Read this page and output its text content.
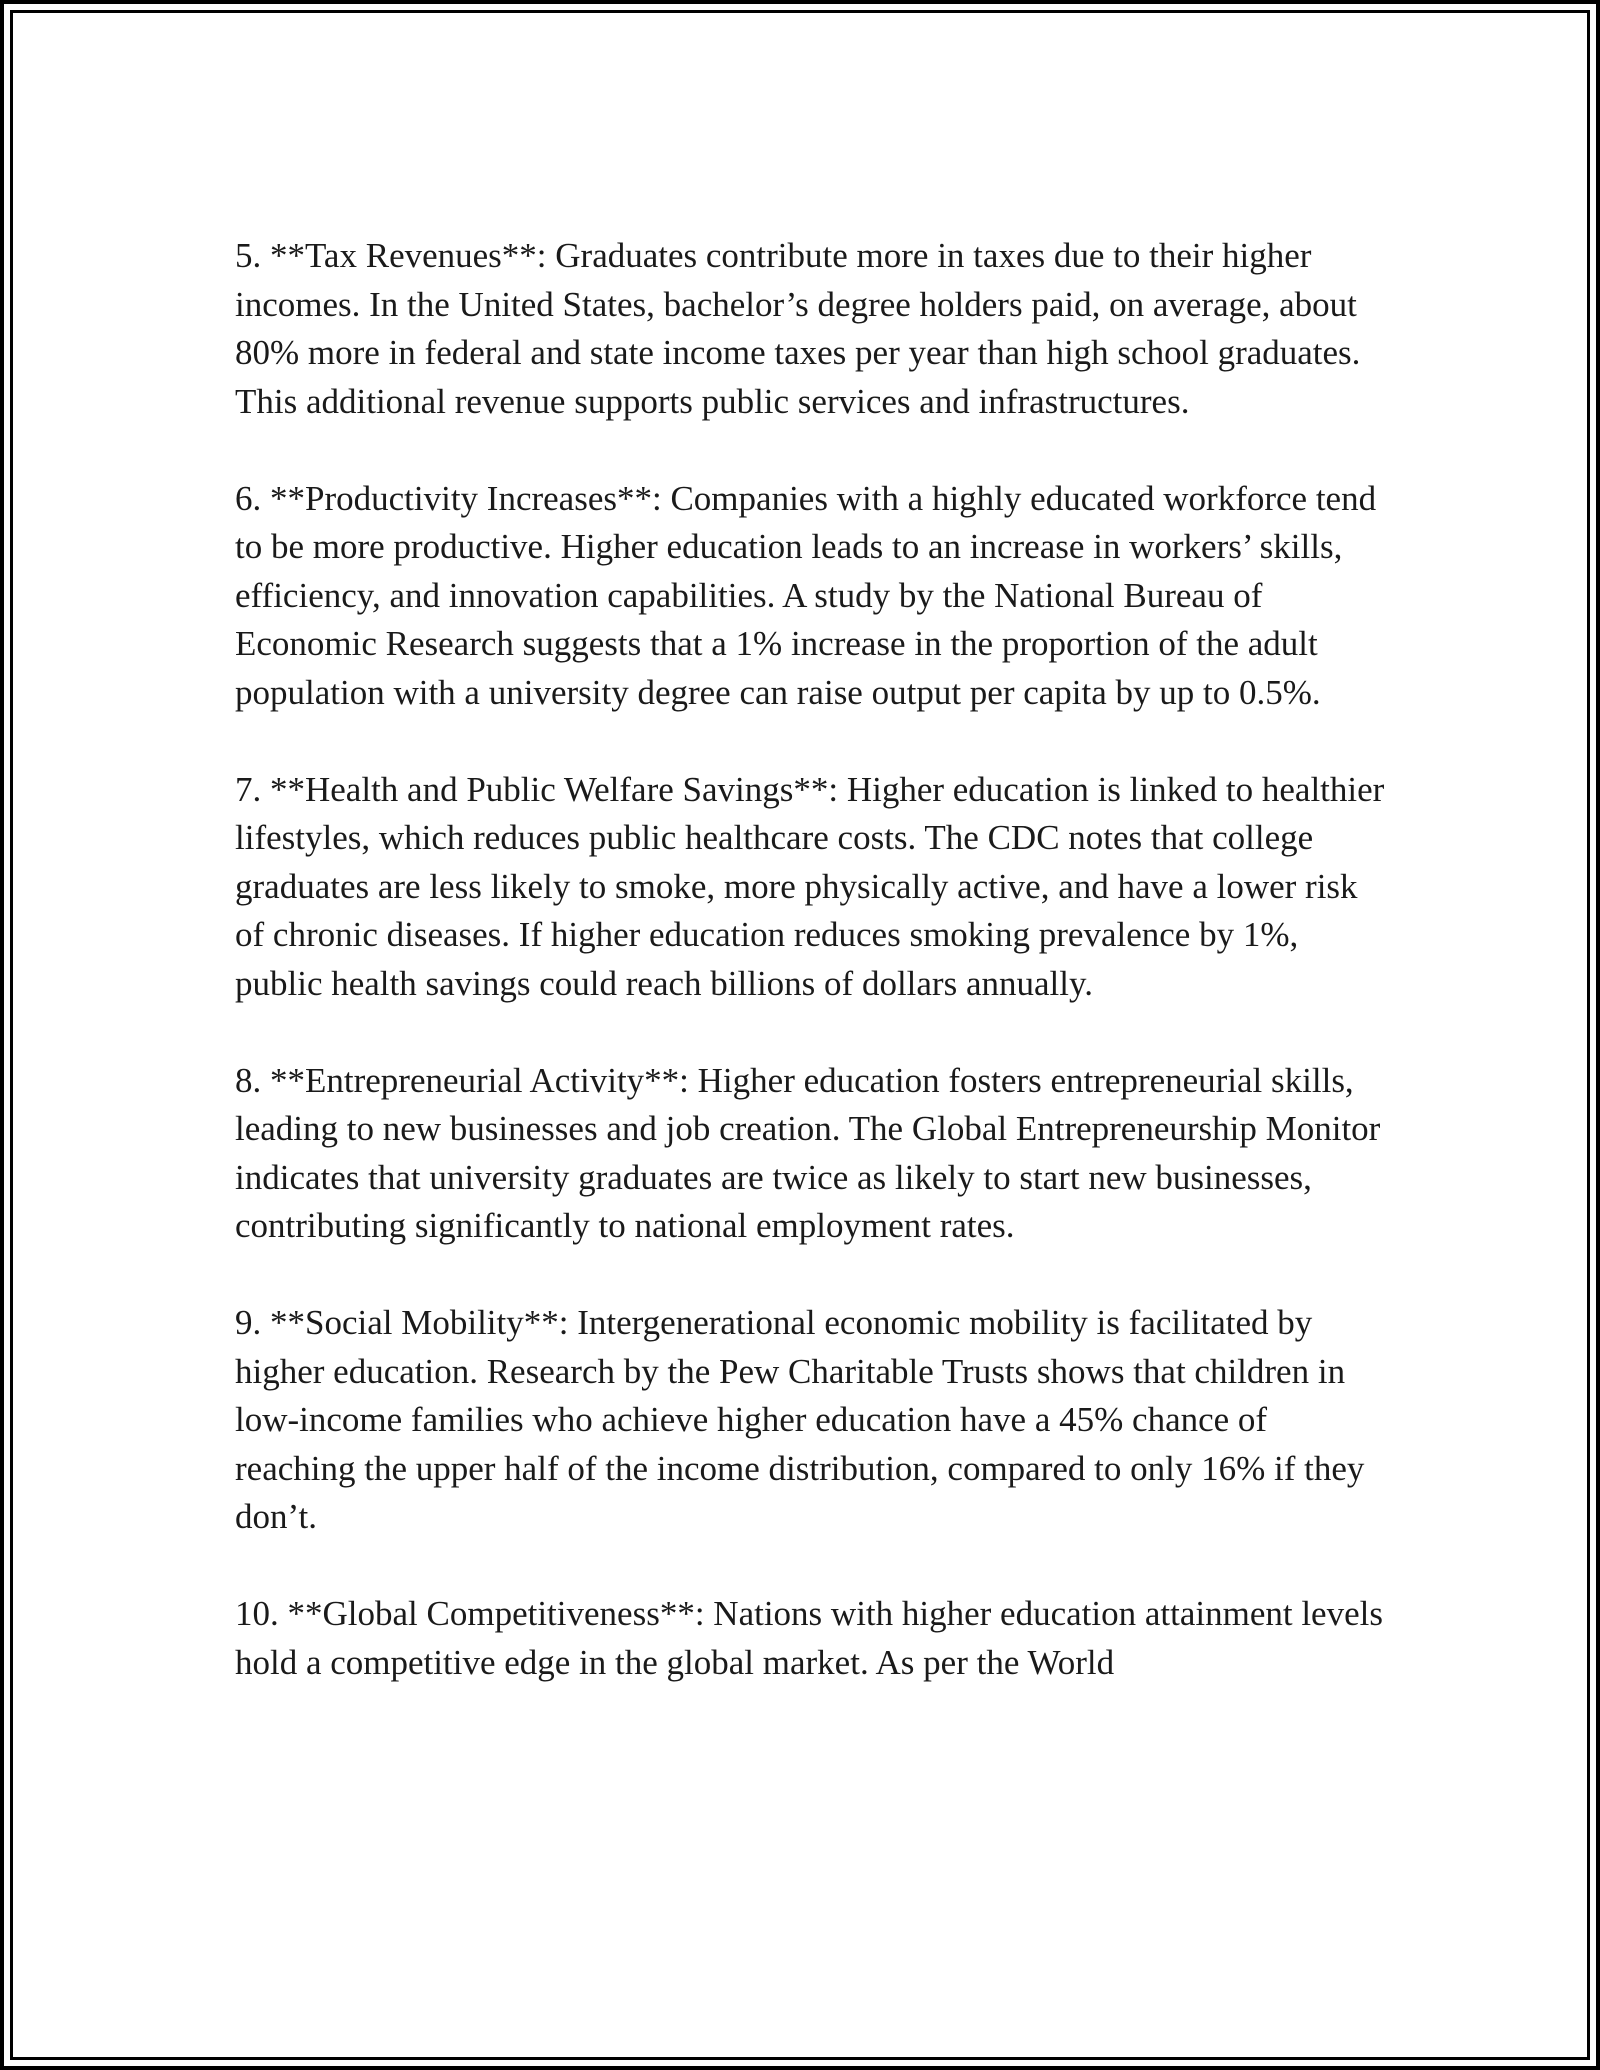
5. **Tax Revenues**: Graduates contribute more in taxes due to their higher incomes. In the United States, bachelor’s degree holders paid, on average, about 80% more in federal and state income taxes per year than high school graduates. This additional revenue supports public services and infrastructures.

6. **Productivity Increases**: Companies with a highly educated workforce tend to be more productive. Higher education leads to an increase in workers’ skills, efficiency, and innovation capabilities. A study by the National Bureau of Economic Research suggests that a 1% increase in the proportion of the adult population with a university degree can raise output per capita by up to 0.5%.

7. **Health and Public Welfare Savings**: Higher education is linked to healthier lifestyles, which reduces public healthcare costs. The CDC notes that college graduates are less likely to smoke, more physically active, and have a lower risk of chronic diseases. If higher education reduces smoking prevalence by 1%, public health savings could reach billions of dollars annually.

8. **Entrepreneurial Activity**: Higher education fosters entrepreneurial skills, leading to new businesses and job creation. The Global Entrepreneurship Monitor indicates that university graduates are twice as likely to start new businesses, contributing significantly to national employment rates.

9. **Social Mobility**: Intergenerational economic mobility is facilitated by higher education. Research by the Pew Charitable Trusts shows that children in low-income families who achieve higher education have a 45% chance of reaching the upper half of the income distribution, compared to only 16% if they don’t.

10. **Global Competitiveness**: Nations with higher education attainment levels hold a competitive edge in the global market. As per the World
